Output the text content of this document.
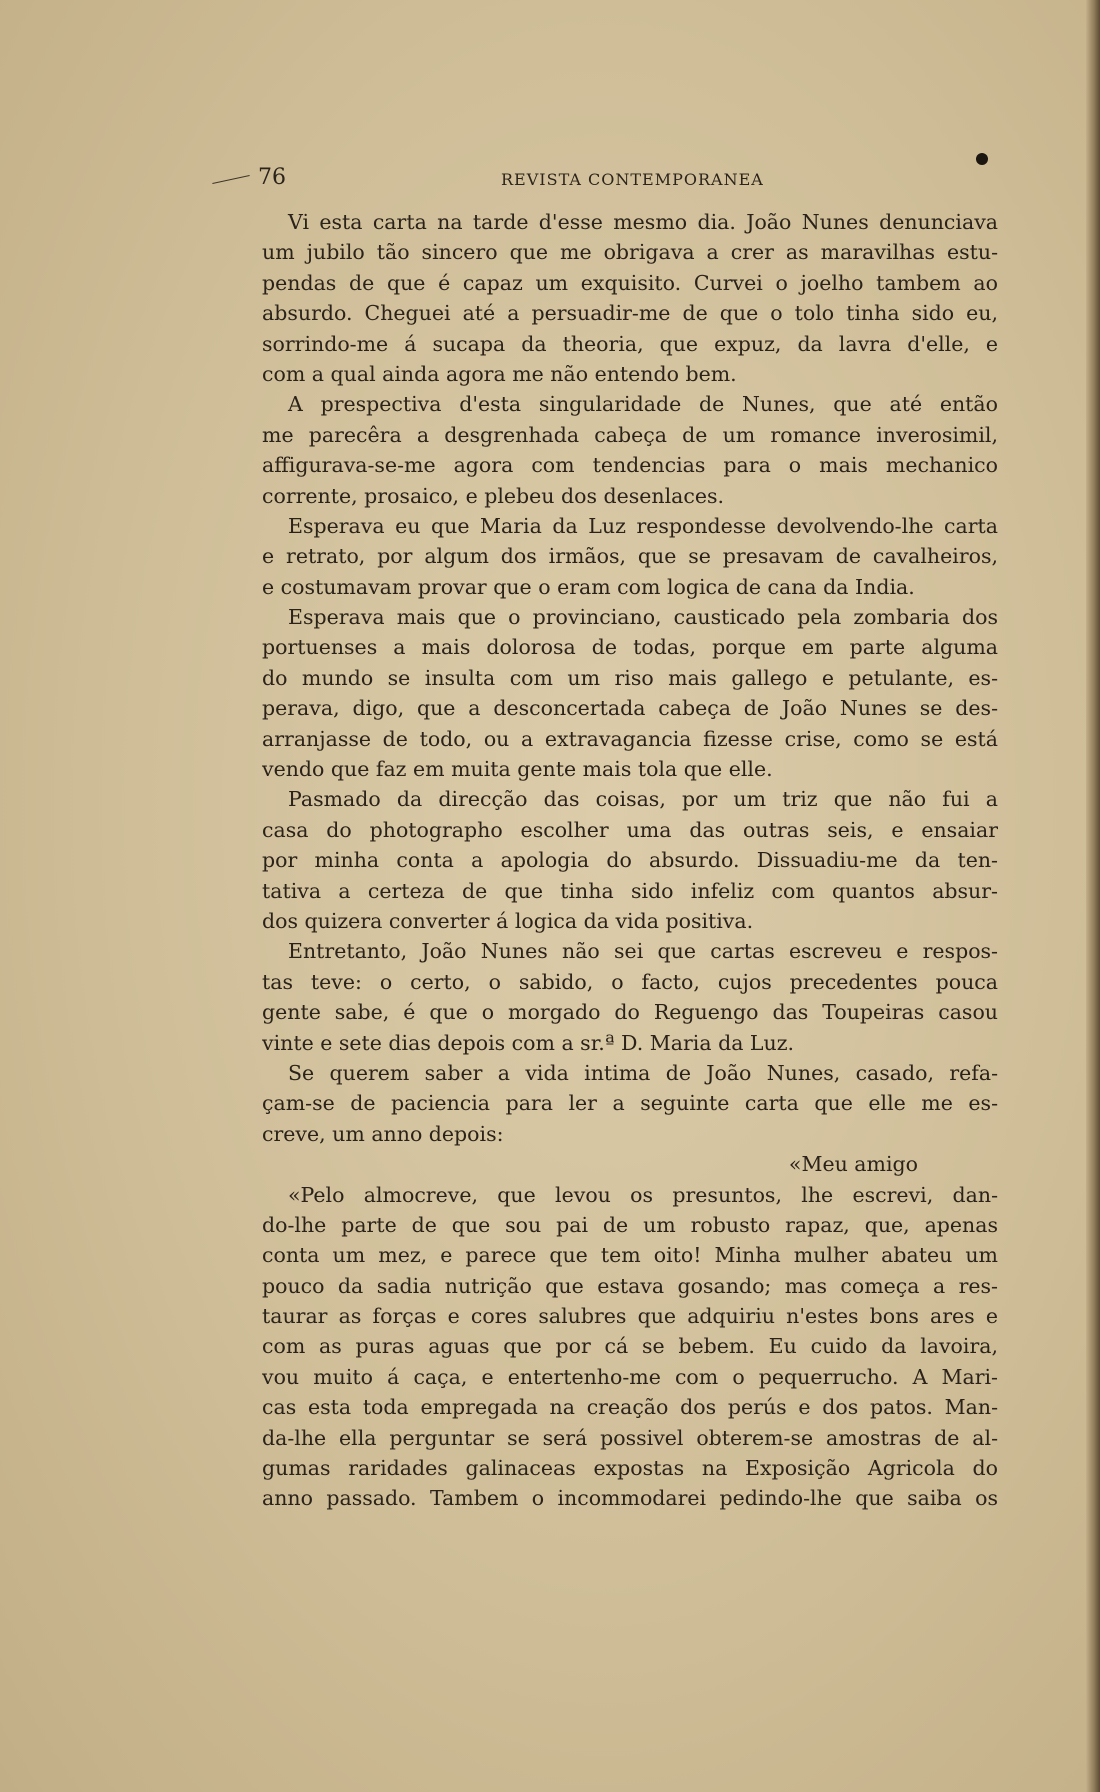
76	REVISTA CONTEMPORANEA
Vi esta carta na tarde d'esse mesmo dia. João Nunes denunciava
um jubilo tão sincero que me obrigava a crer as maravilhas estu-
pendas de que é capaz um exquisito. Curvei o joelho tambem ao
absurdo. Cheguei até a persuadir-me de que o tolo tinha sido eu,
sorrindo-me á sucapa da theoria, que expuz, da lavra d'elle, e
com a qual ainda agora me não entendo bem.
A prespectiva d'esta singularidade de Nunes, que até então
me parecêra a desgrenhada cabeça de um romance inverosimil,
affigurava-se-me agora com tendencias para o mais mechanico
corrente, prosaico, e plebeu dos desenlaces.
Esperava eu que Maria da Luz respondesse devolvendo-lhe carta
e retrato, por algum dos irmãos, que se presavam de cavalheiros,
e costumavam provar que o eram com logica de cana da India.
Esperava mais que o provinciano, causticado pela zombaria dos
portuenses a mais dolorosa de todas, porque em parte alguma
do mundo se insulta com um riso mais gallego e petulante, es-
perava, digo, que a desconcertada cabeça de João Nunes se des-
arranjasse de todo, ou a extravagancia fizesse crise, como se está
vendo que faz em muita gente mais tola que elle.
Pasmado da direcção das coisas, por um triz que não fui a
casa do photographo escolher uma das outras seis, e ensaiar
por minha conta a apologia do absurdo. Dissuadiu-me da ten-
tativa a certeza de que tinha sido infeliz com quantos absur-
dos quizera converter á logica da vida positiva.
Entretanto, João Nunes não sei que cartas escreveu e respos-
tas teve: o certo, o sabido, o facto, cujos precedentes pouca
gente sabe, é que o morgado do Reguengo das Toupeiras casou
vinte e sete dias depois com a sr.ª D. Maria da Luz.
Se querem saber a vida intima de João Nunes, casado, refa-
çam-se de paciencia para ler a seguinte carta que elle me es-
creve, um anno depois:
«Meu amigo
«Pelo almocreve, que levou os presuntos, lhe escrevi, dan-
do-lhe parte de que sou pai de um robusto rapaz, que, apenas
conta um mez, e parece que tem oito! Minha mulher abateu um
pouco da sadia nutrição que estava gosando; mas começa a res-
taurar as forças e cores salubres que adquiriu n'estes bons ares e
com as puras aguas que por cá se bebem. Eu cuido da lavoira,
vou muito á caça, e entertenho-me com o pequerrucho. A Mari-
cas esta toda empregada na creação dos perús e dos patos. Man-
da-lhe ella perguntar se será possivel obterem-se amostras de al-
gumas raridades galinaceas expostas na Exposição Agricola do
anno passado. Tambem o incommodarei pedindo-lhe que saiba os
